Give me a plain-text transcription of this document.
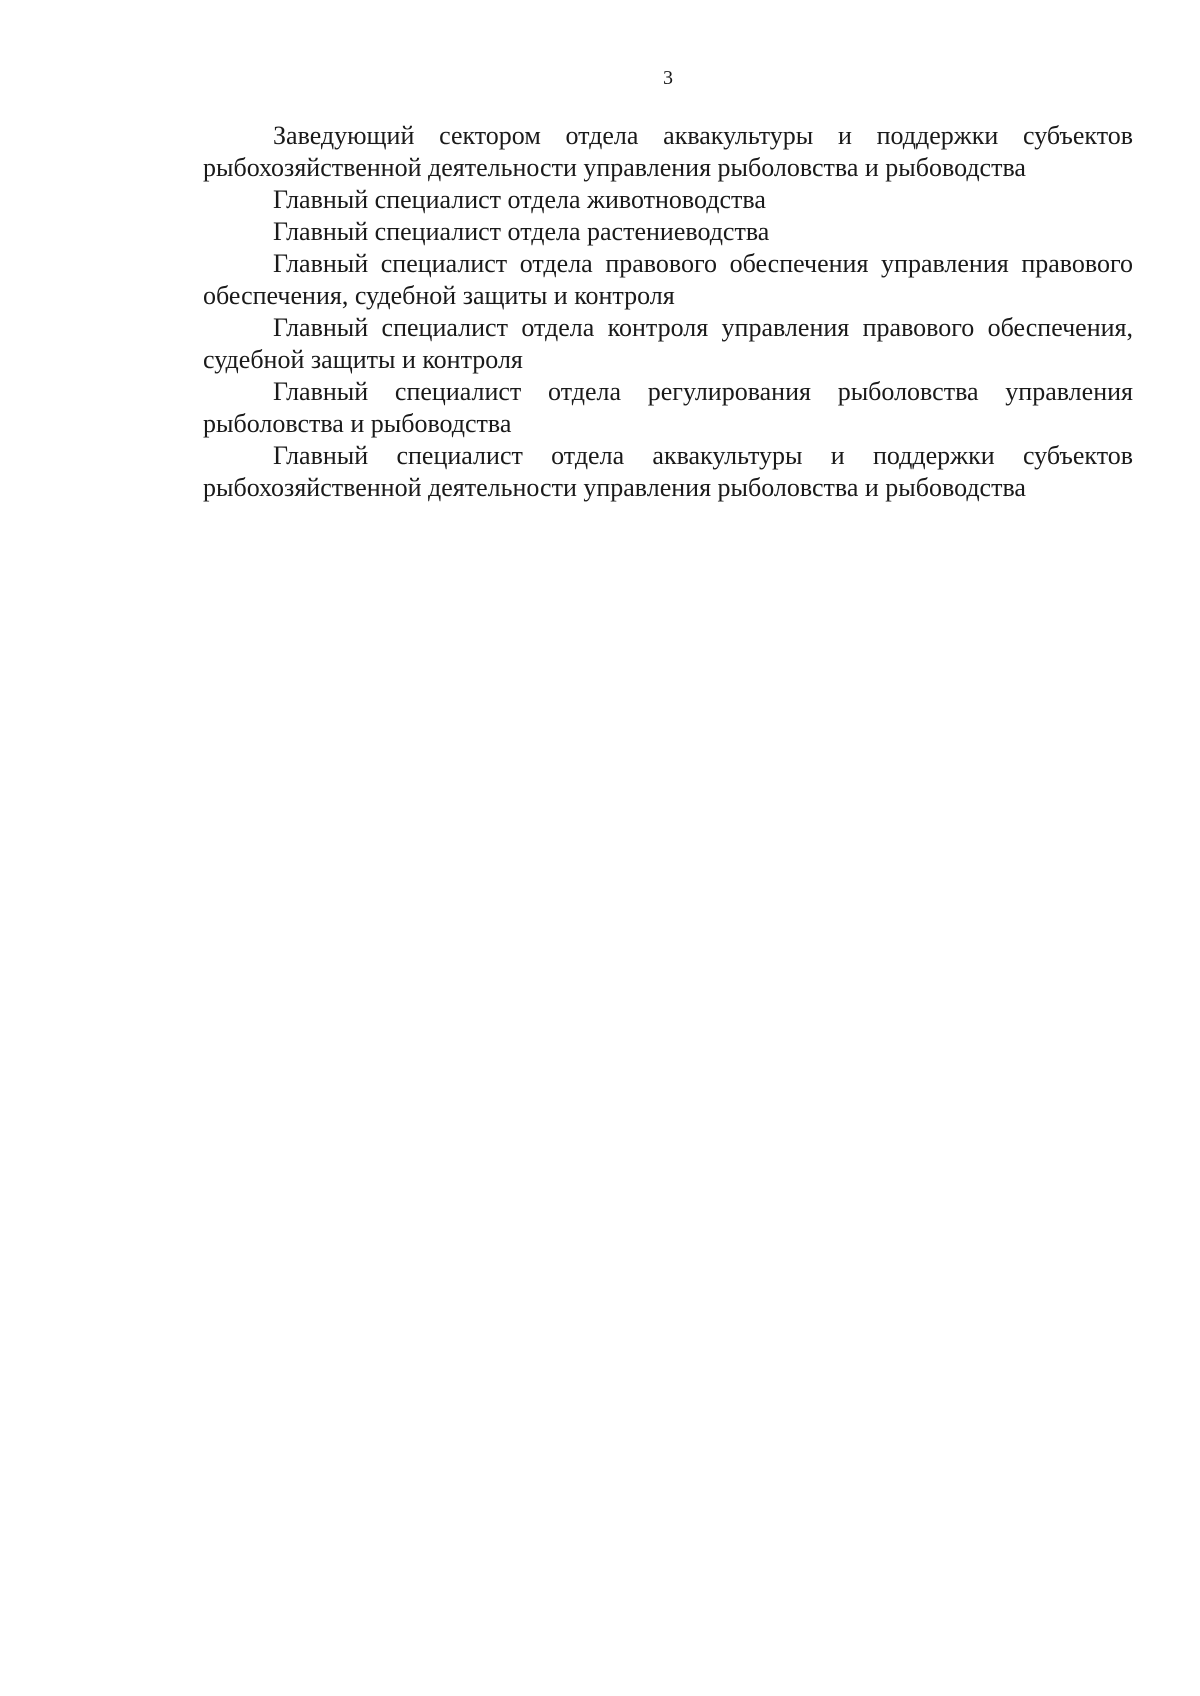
3

Заведующий сектором отдела аквакультуры и поддержки субъектов рыбохозяйственной деятельности управления рыболовства и рыбоводства

Главный специалист отдела животноводства

Главный специалист отдела растениеводства

Главный специалист отдела правового обеспечения управления правового обеспечения, судебной защиты и контроля

Главный специалист отдела контроля управления правового обеспечения, судебной защиты и контроля

Главный специалист отдела регулирования рыболовства управления рыболовства и рыбоводства

Главный специалист отдела аквакультуры и поддержки субъектов рыбохозяйственной деятельности управления рыболовства и рыбоводства
